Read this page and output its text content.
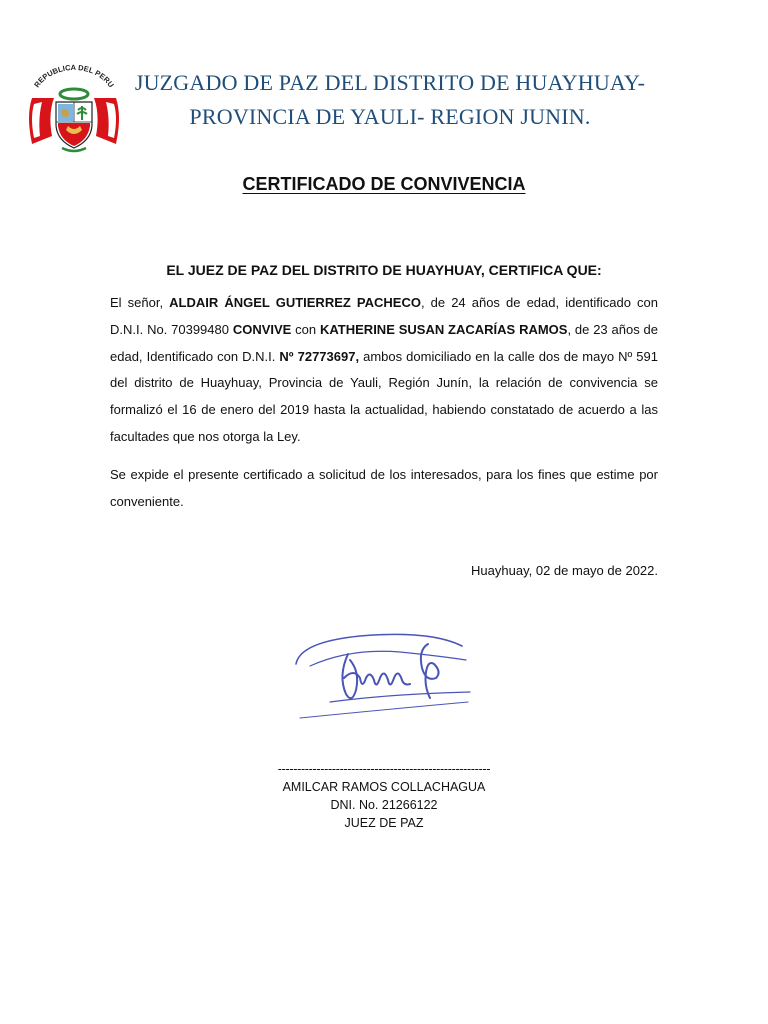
REPUBLICA DEL PERU JUZGADO DE PAZ DEL DISTRITO DE HUAYHUAY-
PROVINCIA DE YAULI- REGION JUNIN.
CERTIFICADO DE CONVIVENCIA
EL JUEZ DE PAZ DEL DISTRITO DE HUAYHUAY, CERTIFICA QUE:

El señor, ALDAIR ÁNGEL GUTIERREZ PACHECO, de 24 años de edad, identificado con D.N.I. No. 70399480 CONVIVE con KATHERINE SUSAN ZACARÍAS RAMOS, de 23 años de edad, Identificado con D.N.I. Nº 72773697, ambos domiciliado en la calle dos de mayo Nº 591 del distrito de Huayhuay, Provincia de Yauli, Región Junín, la relación de convivencia se formalizó el 16 de enero del 2019 hasta la actualidad, habiendo constatado de acuerdo a las facultades que nos otorga la Ley.

Se expide el presente certificado a solicitud de los interesados, para los fines que estime por conveniente.

Huayhuay, 02 de mayo de 2022.
-------------------------------------------------------
AMILCAR RAMOS COLLACHAGUA
DNI. No. 21266122
JUEZ DE PAZ
